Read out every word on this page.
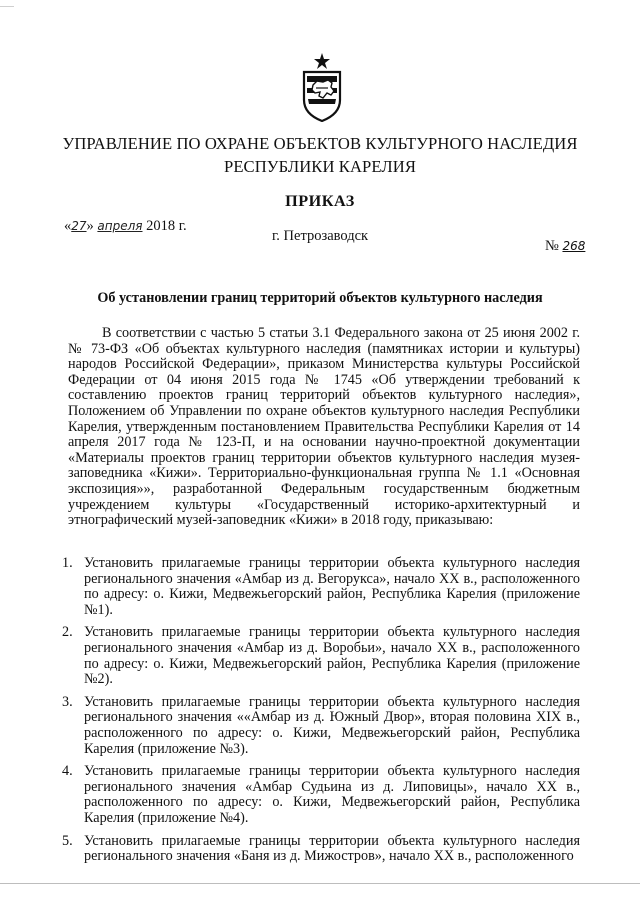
УПРАВЛЕНИЕ ПО ОХРАНЕ ОБЪЕКТОВ КУЛЬТУРНОГО НАСЛЕДИЯ
РЕСПУБЛИКИ КАРЕЛИЯ
ПРИКАЗ
«27» апреля 2018 г.
г. Петрозаводск
№ 268
Об установлении границ территорий объектов культурного наследия

В соответствии с частью 5 статьи 3.1 Федерального закона от 25 июня 2002 г. № 73-ФЗ «Об объектах культурного наследия (памятниках истории и культуры) народов Российской Федерации», приказом Министерства культуры Российской Федерации от 04 июня 2015 года № 1745 «Об утверждении требований к составлению проектов границ территорий объектов культурного наследия», Положением об Управлении по охране объектов культурного наследия Республики Карелия, утвержденным постановлением Правительства Республики Карелия от 14 апреля 2017 года № 123-П, и на основании научно-проектной документации «Материалы проектов границ территории объектов культурного наследия музея-заповедника «Кижи». Территориально-функциональная группа № 1.1 «Основная экспозиция»», разработанной Федеральным государственным бюджетным учреждением культуры «Государственный историко-архитектурный и этнографический музей-заповедник «Кижи» в 2018 году, приказываю:

1. Установить прилагаемые границы территории объекта культурного наследия регионального значения «Амбар из д. Вегорукса», начало XX в., расположенного по адресу: о. Кижи, Медвежьегорский район, Республика Карелия (приложение №1).
2. Установить прилагаемые границы территории объекта культурного наследия регионального значения «Амбар из д. Воробьи», начало XX в., расположенного по адресу: о. Кижи, Медвежьегорский район, Республика Карелия (приложение №2).
3. Установить прилагаемые границы территории объекта культурного наследия регионального значения ««Амбар из д. Южный Двор», вторая половина XIX в., расположенного по адресу: о. Кижи, Медвежьегорский район, Республика Карелия (приложение №3).
4. Установить прилагаемые границы территории объекта культурного наследия регионального значения «Амбар Судьина из д. Липовицы», начало XX в., расположенного по адресу: о. Кижи, Медвежьегорский район, Республика Карелия (приложение №4).
5. Установить прилагаемые границы территории объекта культурного наследия регионального значения «Баня из д. Мижостров», начало XX в., расположенного
